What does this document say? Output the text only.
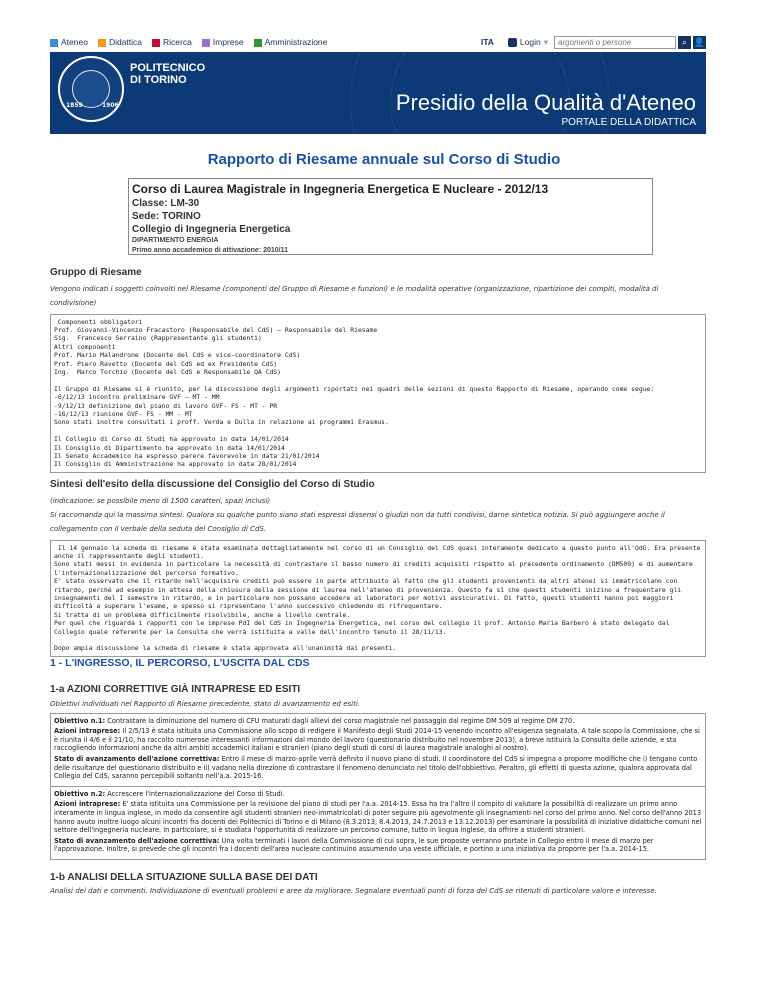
Ateneo Didattica Ricerca Imprese Amministrazione	ITA	Login ▾
argomenti o persone	⌕ 👤
1859	1906
POLITECNICO
DI TORINO
Presidio della Qualità d'Ateneo
PORTALE DELLA DIDATTICA
Rapporto di Riesame annuale sul Corso di Studio
Corso di Laurea Magistrale in Ingegneria Energetica E Nucleare - 2012/13
Classe: LM-30
Sede: TORINO
Collegio di Ingegneria Energetica
DIPARTIMENTO ENERGIA
Primo anno accademico di attivazione: 2010/11
Gruppo di Riesame
Vengono indicati i soggetti coinvolti nel Riesame (componenti del Gruppo di Riesame e funzioni) e le modalità operative (organizzazione, ripartizione dei compiti, modalità di condivisione)
Componenti obbligatori
Prof. Giovanni-Vincenzo Fracastoro (Responsabile del CdS) – Responsabile del Riesame
Sig.  Francesco Serraino (Rappresentante gli studenti)
Altri componenti
Prof. Mario Malandrone (Docente del CdS e vice-coordinatore CdS)
Prof. Piero Ravetto (Docente del CdS ed ex Presidente CdS)
Ing.  Marco Torchio (Docente del CdS e Responsabile QA CdS)

Il Gruppo di Riesame si è riunito, per la discussione degli argomenti riportati nei quadri delle sezioni di questo Rapporto di Riesame, operando come segue:
-6/12/13 incontro preliminare GVF – MT - MM
-9/12/13 definizione del piano di lavoro GVF- FS - MT - PR
-16/12/13 riunione GVF- FS - MM - MT
Sono stati inoltre consultati i proff. Verda e Dulla in relazione ai programmi Erasmus.

Il Collegio di Corso di Studi ha approvato in data 14/01/2014
Il Consiglio di Dipartimento ha approvato in data 14/01/2014
Il Senato Accademico ha espresso parere favorevole in data 21/01/2014
Il Consiglio di Amministrazione ha approvato in data 28/01/2014
Sintesi dell'esito della discussione del Consiglio del Corso di Studio
(indicazione: se possibile meno di 1500 caratteri, spazi inclusi)
Si raccomanda qui la massima sintesi. Qualora su qualche punto siano stati espressi dissensi o giudizi non da tutti condivisi, darne sintetica notizia. Si può aggiungere anche il collegamento con il verbale della seduta del Consiglio di CdS.
Il 14 gennaio la scheda di riesame è stata esaminata dettagliatamente nel corso di un Consiglio del CdS quasi interamente dedicato a questo punto all'OdG. Era presente anche il rappresentante degli studenti.
Sono stati messi in evidenza in particolare la necessità di contrastare il basso numero di crediti acquisiti rispetto al precedente ordinamento (DM509) e di aumentare l'internazionalizzazione del percorso formativo.
E' stato osservato che il ritardo nell'acquisire crediti può essere in parte attribuito al fatto che gli studenti provenienti da altri atenei si immatricolano con ritardo, perché ad esempio in attesa della chiusura della sessione di laurea nell'ateneo di provenienza. Questo fa sì che questi studenti inizino a frequentare gli insegnamenti del I semestre in ritardo, e in particolare non possano accedere ai laboratori per motivi assicurativi. Di fatto, questi studenti hanno poi maggiori difficoltà a superare l'esame, e spesso si ripresentano l'anno successivo chiedendo di rifrequentare.
Si tratta di un problema difficilmente risolvibile, anche a livello centrale.
Per quel che riguarda i rapporti con le imprese PdI del CdS in Ingegneria Energetica, nel corso del collegio il prof. Antonio Maria Barbero è stato delegato dal Collegio quale referente per la Consulta che verrà istituita a valle dell'incontro tenuto il 28/11/13.

Dopo ampia discussione la scheda di riesame è stata approvata all'unanimità dai presenti.
1 - L'INGRESSO, IL PERCORSO, L'USCITA DAL CDS
1-a AZIONI CORRETTIVE GIÀ INTRAPRESE ED ESITI
Obiettivi individuati nel Rapporto di Riesame precedente, stato di avanzamento ed esiti.

Obiettivo n.1: Contrastare la diminuzione del numero di CFU maturati dagli allievi del corso magistrale nel passaggio dal regime DM 509 al regime DM 270.

Azioni intraprese: Il 2/5/13 è stata istituita una Commissione allo scopo di redigere il Manifesto degli Studi 2014-15 venendo incontro all'esigenza segnalata. A tale scopo la Commissione, che si è riunita il 4/6 e il 21/10, ha raccolto numerose interessanti informazioni dal mondo del lavoro (questionario distribuito nel novembre 2013), a breve istituirà la Consulta delle aziende, e sta raccogliendo informazioni anche da altri ambiti accademici italiani e stranieri (piano degli studi di corsi di laurea magistrale analoghi al nostro).

Stato di avanzamento dell'azione correttiva: Entro il mese di marzo-aprile verrà definito il nuovo piano di studi. Il coordinatore del CdS si impegna a proporre modifiche che i) tengano conto delle risultanze del questionario distribuito e ii) vadano nella direzione di contrastare il fenomeno denunciato nel titolo dell'obbiettivo. Peraltro, gli effetti di questa azione, qualora approvata dal Collegio del CdS, saranno percepibili soltanto nell'a.a. 2015-16.

Obiettivo n.2: Accrescere l'internazionalizzazione del Corso di Studi.

Azioni intraprese: E' stata istituita una Commissione per la revisione del piano di studi per l'a.a. 2014-15. Essa ha tra l'altro il compito di valutare la possibilità di realizzare un primo anno interamente in lingua inglese, in modo da consentire agli studenti stranieri neo-immatricolati di poter seguire più agevolmente gli insegnamenti nel corso del primo anno. Nel corso dell'anno 2013 hanno avuto inoltre luogo alcuni incontri fra docenti dei Politecnici di Torino e di Milano (8.3.2013, 8.4.2013, 24.7.2013 e 13.12.2013) per esaminare la possibilità di iniziative didattiche comuni nel settore dell'ingegneria nucleare. In particolare, si è studiata l'opportunità di realizzare un percorso comune, tutto in lingua inglese, da offrire a studenti stranieri.

Stato di avanzamento dell'azione correttiva: Una volta terminati i lavori della Commissione di cui sopra, le sue proposte verranno portate in Collegio entro il mese di marzo per l'approvazione. Inoltre, si prevede che gli incontri fra i docenti dell'area nucleare continuino assumendo una veste ufficiale, e portino a una iniziativa da proporre per l'a.a. 2014-15.

1-b ANALISI DELLA SITUAZIONE SULLA BASE DEI DATI
Analisi dei dati e commenti. Individuazione di eventuali problemi e aree da migliorare. Segnalare eventuali punti di forza del CdS se ritenuti di particolare valore e interesse.
